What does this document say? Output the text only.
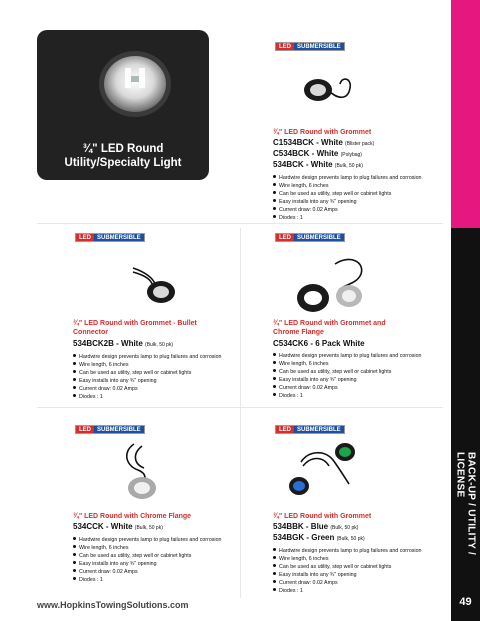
BACK-UP / UTILITY / LICENSE
49
¾" LED Round
Utility/Specialty Light
LED	SUBMERSIBLE
LED	SUBMERSIBLE	LED	SUBMERSIBLE
LED	SUBMERSIBLE	LED	SUBMERSIBLE
¾" LED Round with Grommet
C1534BCK - White (Blister pack)
C534BCK - White (Polybag)
534BCK - White (Bulk, 50 pk)
Hardwire design prevents lamp to plug failures and corrosion
Wire length, 6 inches
Can be used as utility, step well or cabinet lights
Easy installs into any ¾" opening
Current draw: 0.02 Amps
Diodes : 1
¾" LED Round with Grommet - Bullet Connector
534BCK2B - White (Bulk, 50 pk)
Hardwire design prevents lamp to plug failures and corrosion
Wire length, 6 inches
Can be used as utility, step well or cabinet lights
Easy installs into any ¾" opening
Current draw: 0.02 Amps
Diodes : 1
¾" LED Round with Grommet and Chrome Flange
C534CK6 - 6 Pack White
Hardwire design prevents lamp to plug failures and corrosion
Wire length, 6 inches
Can be used as utility, step well or cabinet lights
Easy installs into any ¾" opening
Current draw: 0.02 Amps
Diodes : 1
¾" LED Round with Chrome Flange
534CCK - White (Bulk, 50 pk)
Hardwire design prevents lamp to plug failures and corrosion
Wire length, 6 inches
Can be used as utility, step well or cabinet lights
Easy installs into any ¾" opening
Current draw: 0.02 Amps
Diodes : 1
¾" LED Round with Grommet
534BBK - Blue (Bulk, 50 pk)
534BGK - Green (Bulk, 50 pk)
Hardwire design prevents lamp to plug failures and corrosion
Wire length, 6 inches
Can be used as utility, step well or cabinet lights
Easy installs into any ¾" opening
Current draw: 0.02 Amps
Diodes : 1
www.HopkinsTowingSolutions.com
